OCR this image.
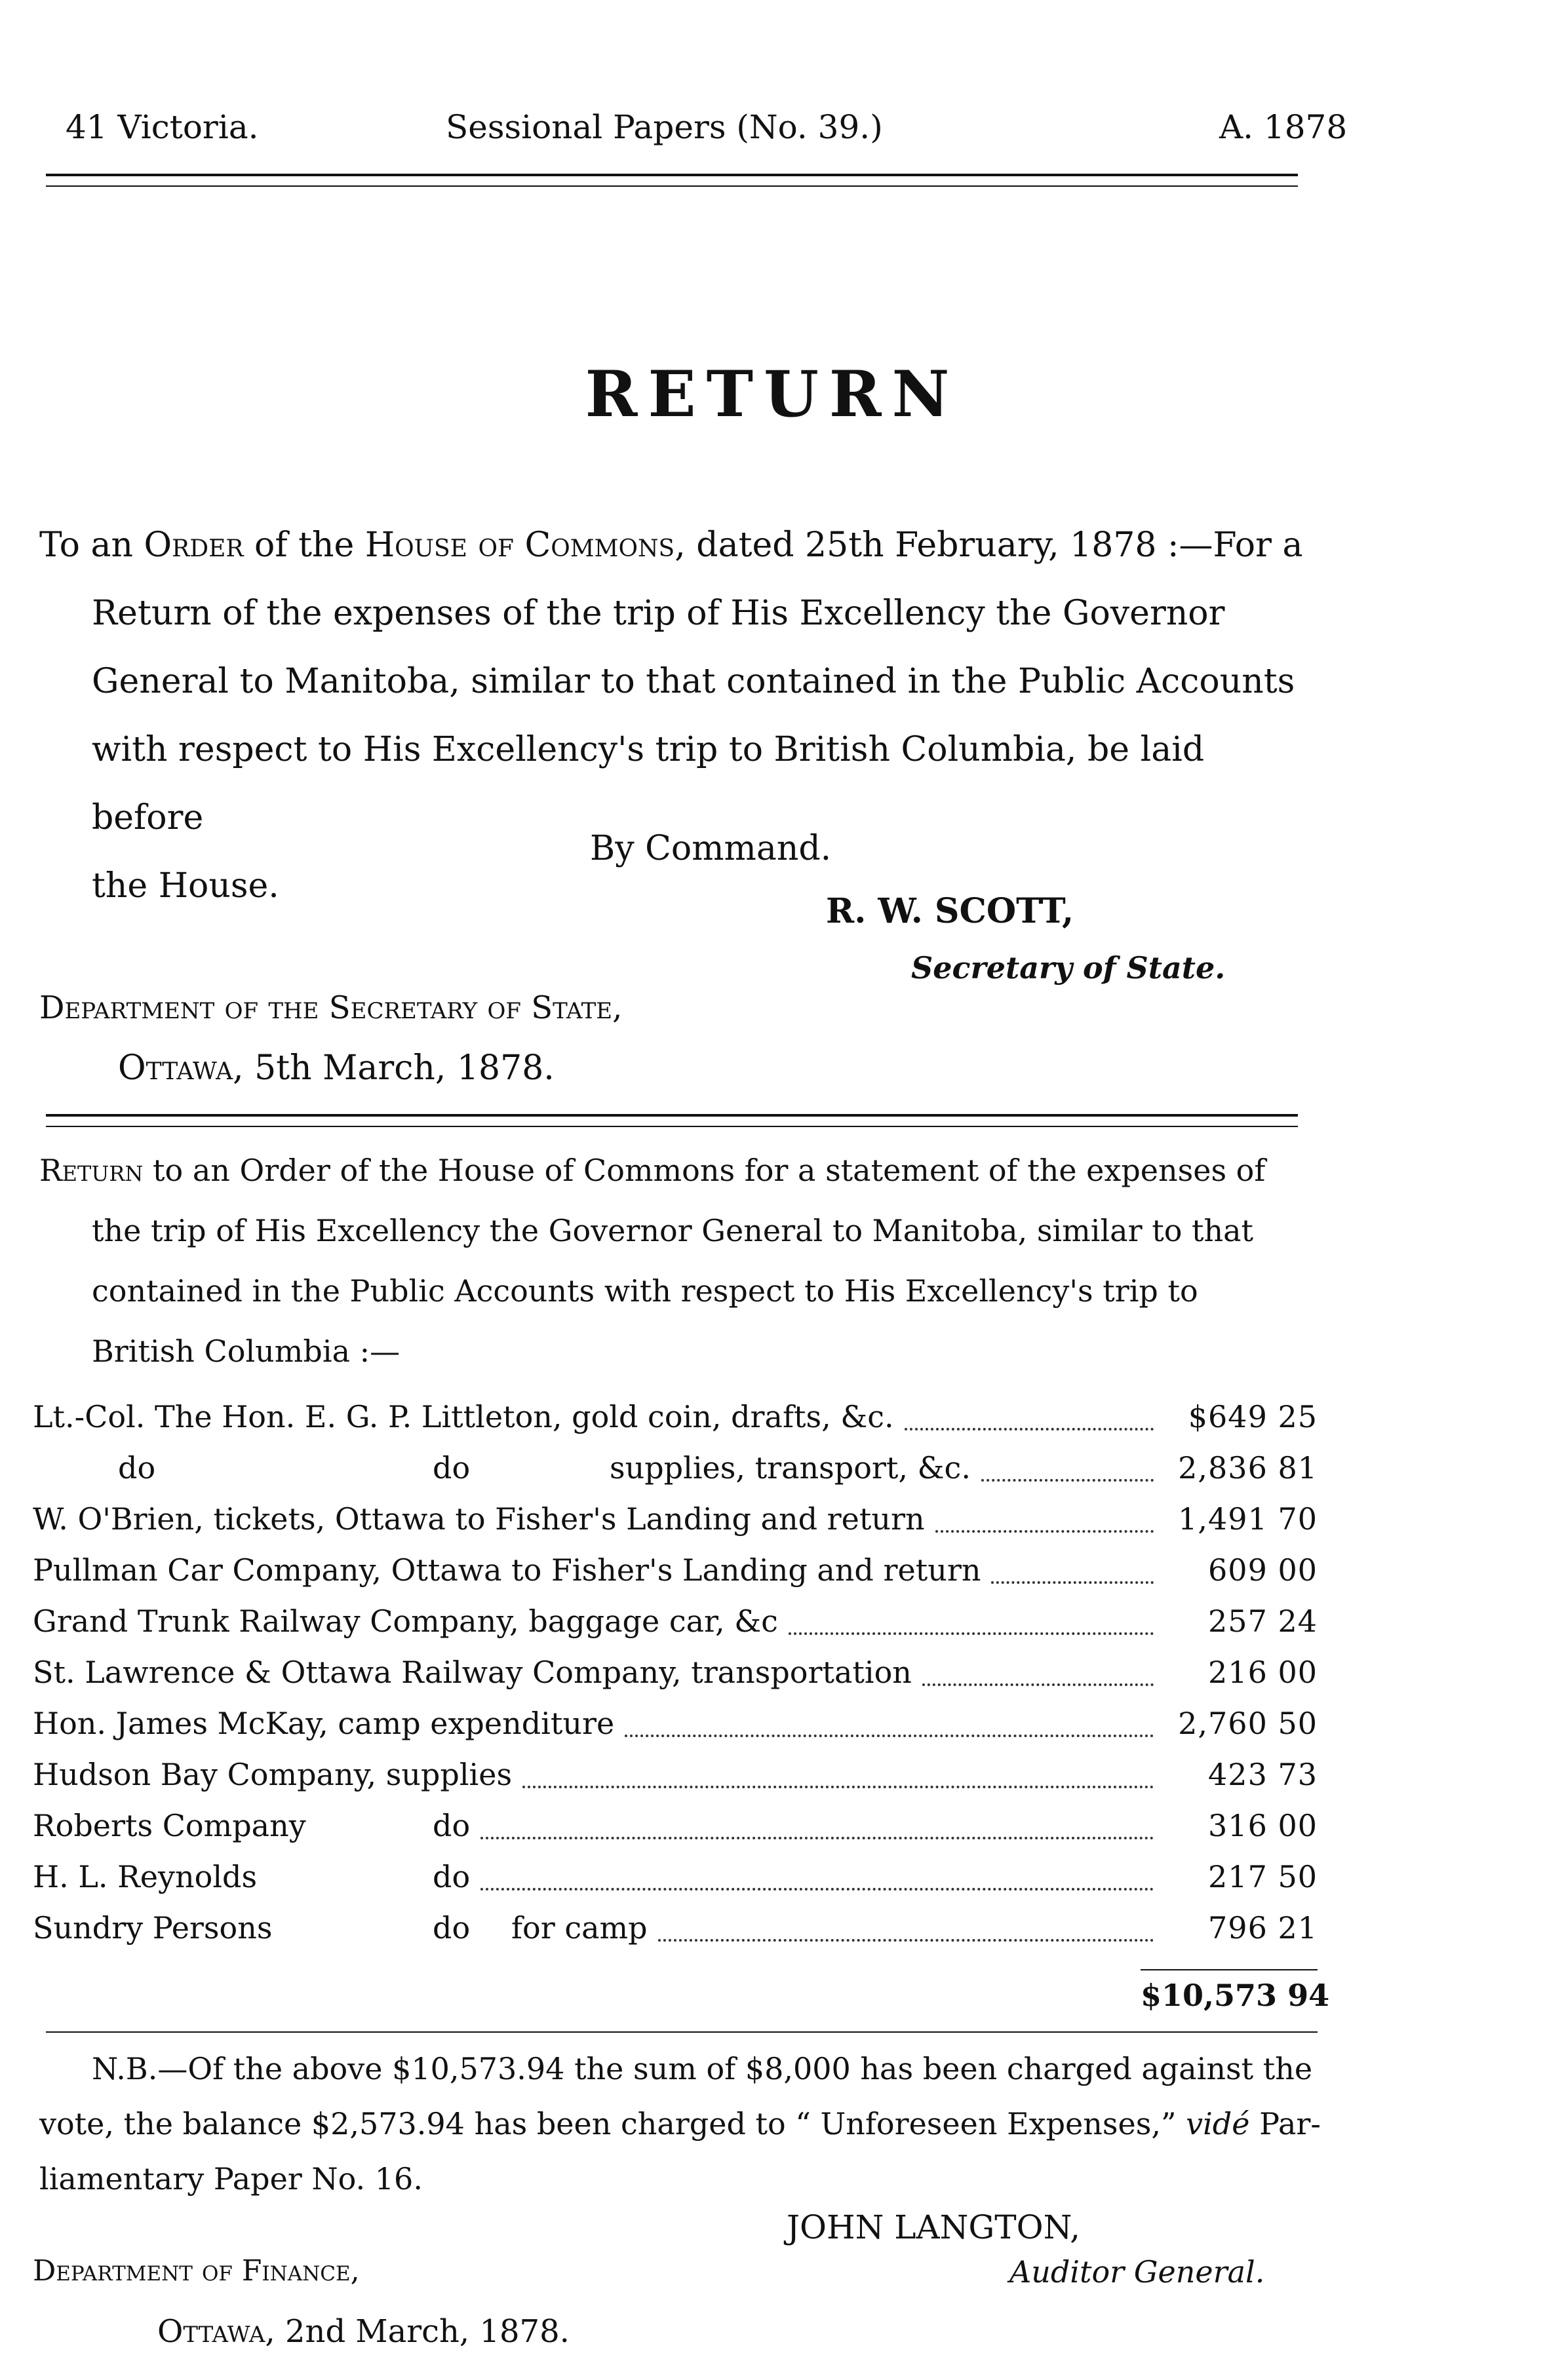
41 Victoria.	Sessional Papers (No. 39.)	A. 1878
RETURN

To an Order of the House of Commons, dated 25th February, 1878 :—For a

Return of the expenses of the trip of His Excellency the Governor

General to Manitoba, similar to that contained in the Public Accounts

with respect to His Excellency's trip to British Columbia, be laid before

the House.

By Command.
R. W. SCOTT,
Secretary of State.
Department of the Secretary of State,
Ottawa, 5th March, 1878.

Return to an Order of the House of Commons for a statement of the expenses of

the trip of His Excellency the Governor General to Manitoba, similar to that

contained in the Public Accounts with respect to His Excellency's trip to

British Columbia :—

Lt.-Col. The Hon. E. G. P. Littleton, gold coin, drafts, &c.	$649 25
do	do	supplies, transport, &c.	2,836 81
W. O'Brien, tickets, Ottawa to Fisher's Landing and return	1,491 70
Pullman Car Company, Ottawa to Fisher's Landing and return	609 00
Grand Trunk Railway Company, baggage car, &c	257 24
St. Lawrence & Ottawa Railway Company, transportation	216 00
Hon. James McKay, camp expenditure	2,760 50
Hudson Bay Company, supplies	423 73
Roberts Company	do	316 00
H. L. Reynolds	do	217 50
Sundry Persons	do for camp	796 21
$10,573 94

N.B.—Of the above $10,573.94 the sum of $8,000 has been charged against the

vote, the balance $2,573.94 has been charged to “ Unforeseen Expenses,” vidé Par-

liamentary Paper No. 16.

JOHN LANGTON,
Auditor General.
Department of Finance,
Ottawa, 2nd March, 1878.
